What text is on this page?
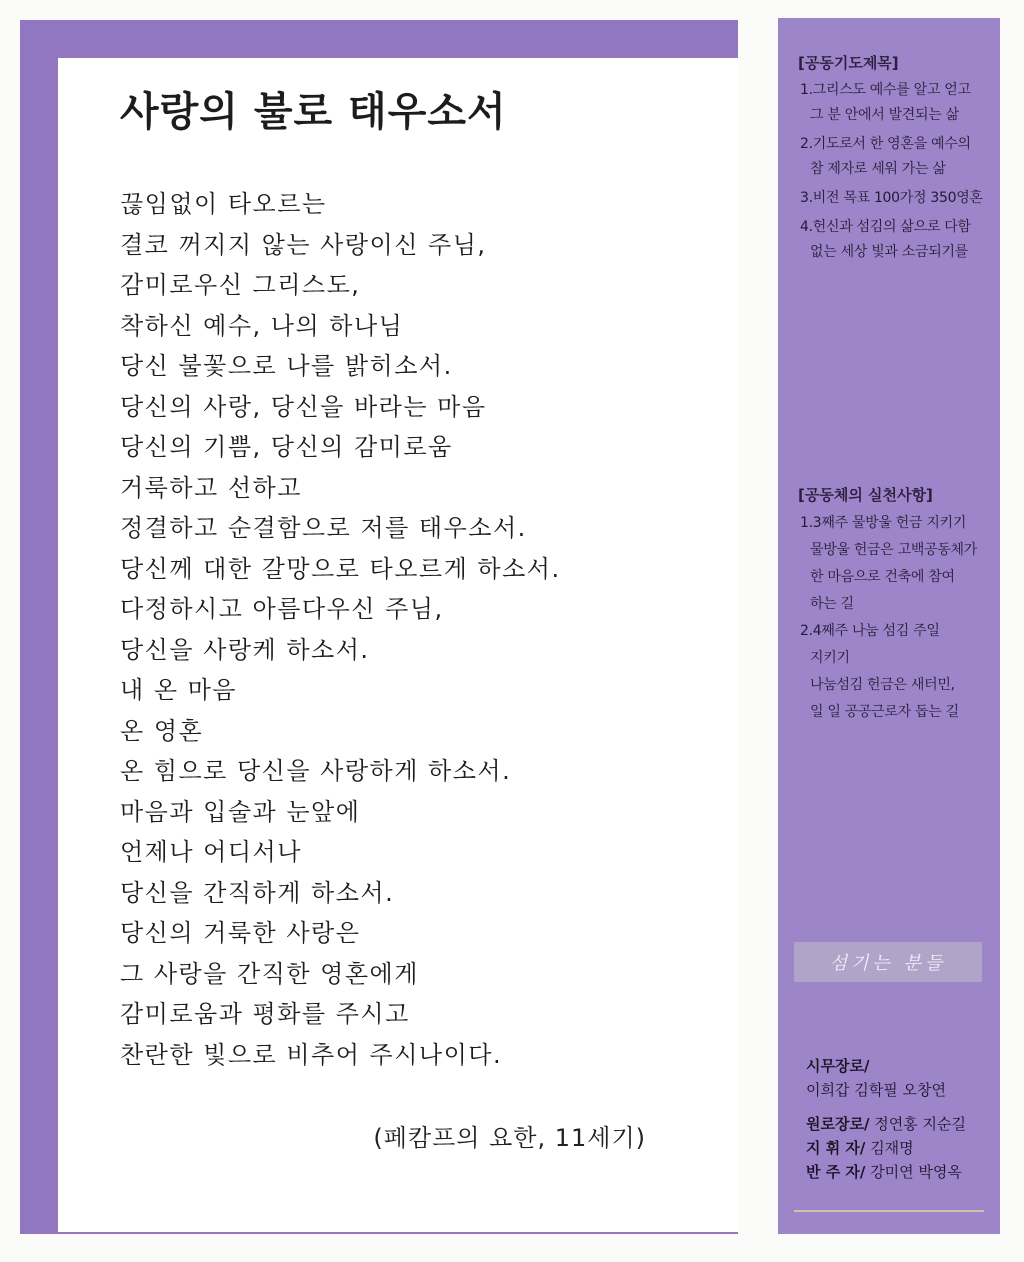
사랑의 불로 태우소서
끊임없이 타오르는
결코 꺼지지 않는 사랑이신 주님,
감미로우신 그리스도,
착하신 예수, 나의 하나님
당신 불꽃으로 나를 밝히소서.
당신의 사랑, 당신을 바라는 마음
당신의 기쁨, 당신의 감미로움
거룩하고 선하고
정결하고 순결함으로 저를 태우소서.
당신께 대한 갈망으로 타오르게 하소서.
다정하시고 아름다우신 주님,
당신을 사랑케 하소서.
내 온 마음
온 영혼
온 힘으로 당신을 사랑하게 하소서.
마음과 입술과 눈앞에
언제나 어디서나
당신을 간직하게 하소서.
당신의 거룩한 사랑은
그 사랑을 간직한 영혼에게
감미로움과 평화를 주시고
찬란한 빛으로 비추어 주시나이다.
(페캄프의 요한, 11세기)
[공동기도제목]
1.그리스도 예수를 알고 얻고
그 분 안에서 발견되는 삶
2.기도로서 한 영혼을 예수의
참 제자로 세워 가는 삶
3.비전 목표 100가정 350영혼
4.헌신과 섬김의 삶으로 다함
없는 세상 빛과 소금되기를
[공동체의 실천사항]
1.3째주 물방울 헌금 지키기
물방울 헌금은 고백공동체가
한 마음으로 건축에 참여
하는 길
2.4째주 나눔 섬김 주일
지키기
나눔섬김 헌금은 새터민,
일 일 공공근로자 돕는 길
섬기는 분들
시무장로/
이희갑 김학필 오창연
원로장로/ 정연홍 지순길
지 휘 자/ 김재명
반 주 자/ 강미연 박영옥
